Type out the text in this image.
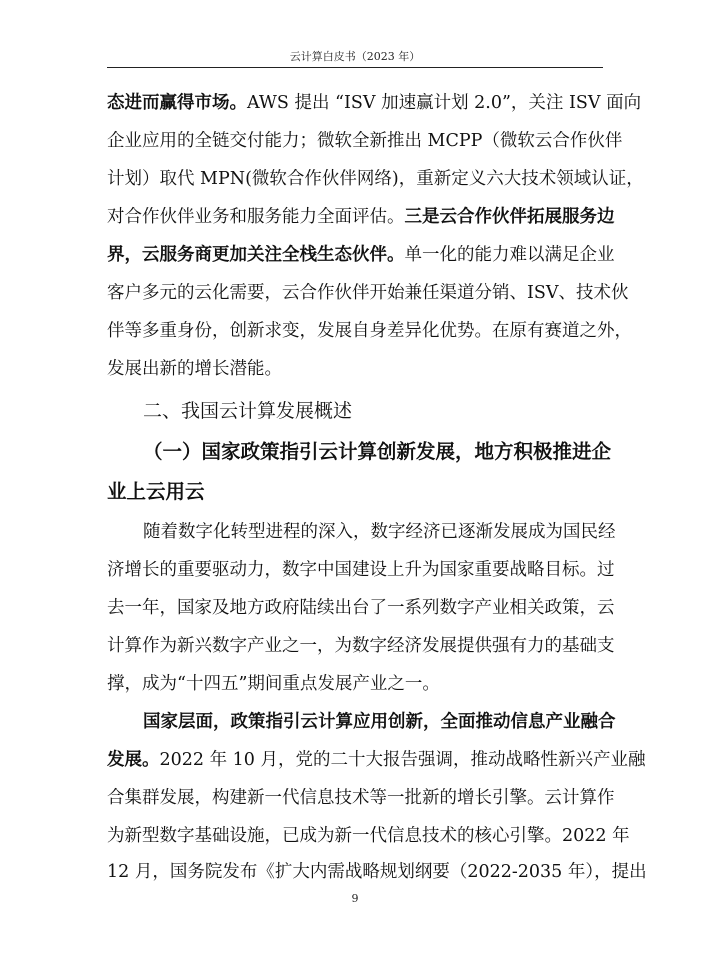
云计算白皮书（2023 年）
态进而赢得市场。AWS 提出 “ISV 加速赢计划 2.0”，关注 ISV 面向
企业应用的全链交付能力；微软全新推出 MCPP（微软云合作伙伴
计划）取代 MPN(微软合作伙伴网络)，重新定义六大技术领域认证，
对合作伙伴业务和服务能力全面评估。三是云合作伙伴拓展服务边
界，云服务商更加关注全栈生态伙伴。单一化的能力难以满足企业
客户多元的云化需要，云合作伙伴开始兼任渠道分销、ISV、技术伙
伴等多重身份，创新求变，发展自身差异化优势。在原有赛道之外，
发展出新的增长潜能。
二、我国云计算发展概述
（一）国家政策指引云计算创新发展，地方积极推进企
业上云用云
随着数字化转型进程的深入，数字经济已逐渐发展成为国民经
济增长的重要驱动力，数字中国建设上升为国家重要战略目标。过
去一年，国家及地方政府陆续出台了一系列数字产业相关政策，云
计算作为新兴数字产业之一，为数字经济发展提供强有力的基础支
撑，成为“十四五”期间重点发展产业之一。
国家层面，政策指引云计算应用创新，全面推动信息产业融合
发展。2022 年 10 月，党的二十大报告强调，推动战略性新兴产业融
合集群发展，构建新一代信息技术等一批新的增长引擎。云计算作
为新型数字基础设施，已成为新一代信息技术的核心引擎。2022 年
12 月，国务院发布《扩大内需战略规划纲要（2022-2035 年），提出
9
